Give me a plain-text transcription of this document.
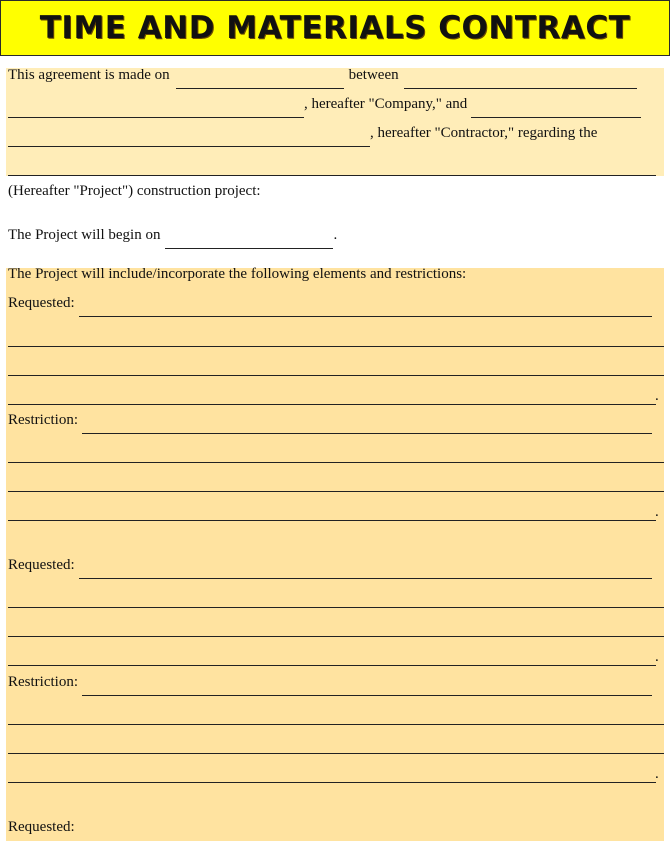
TIME AND MATERIALS CONTRACT
This agreement is made on	between
, hereafter "Company," and
, hereafter "Contractor," regarding the
(Hereafter "Project") construction project:
The Project will begin on	.
The Project will include/incorporate the following elements and restrictions:
Requested:
.
Restriction:
.
Requested:
.
Restriction:
.
Requested:
